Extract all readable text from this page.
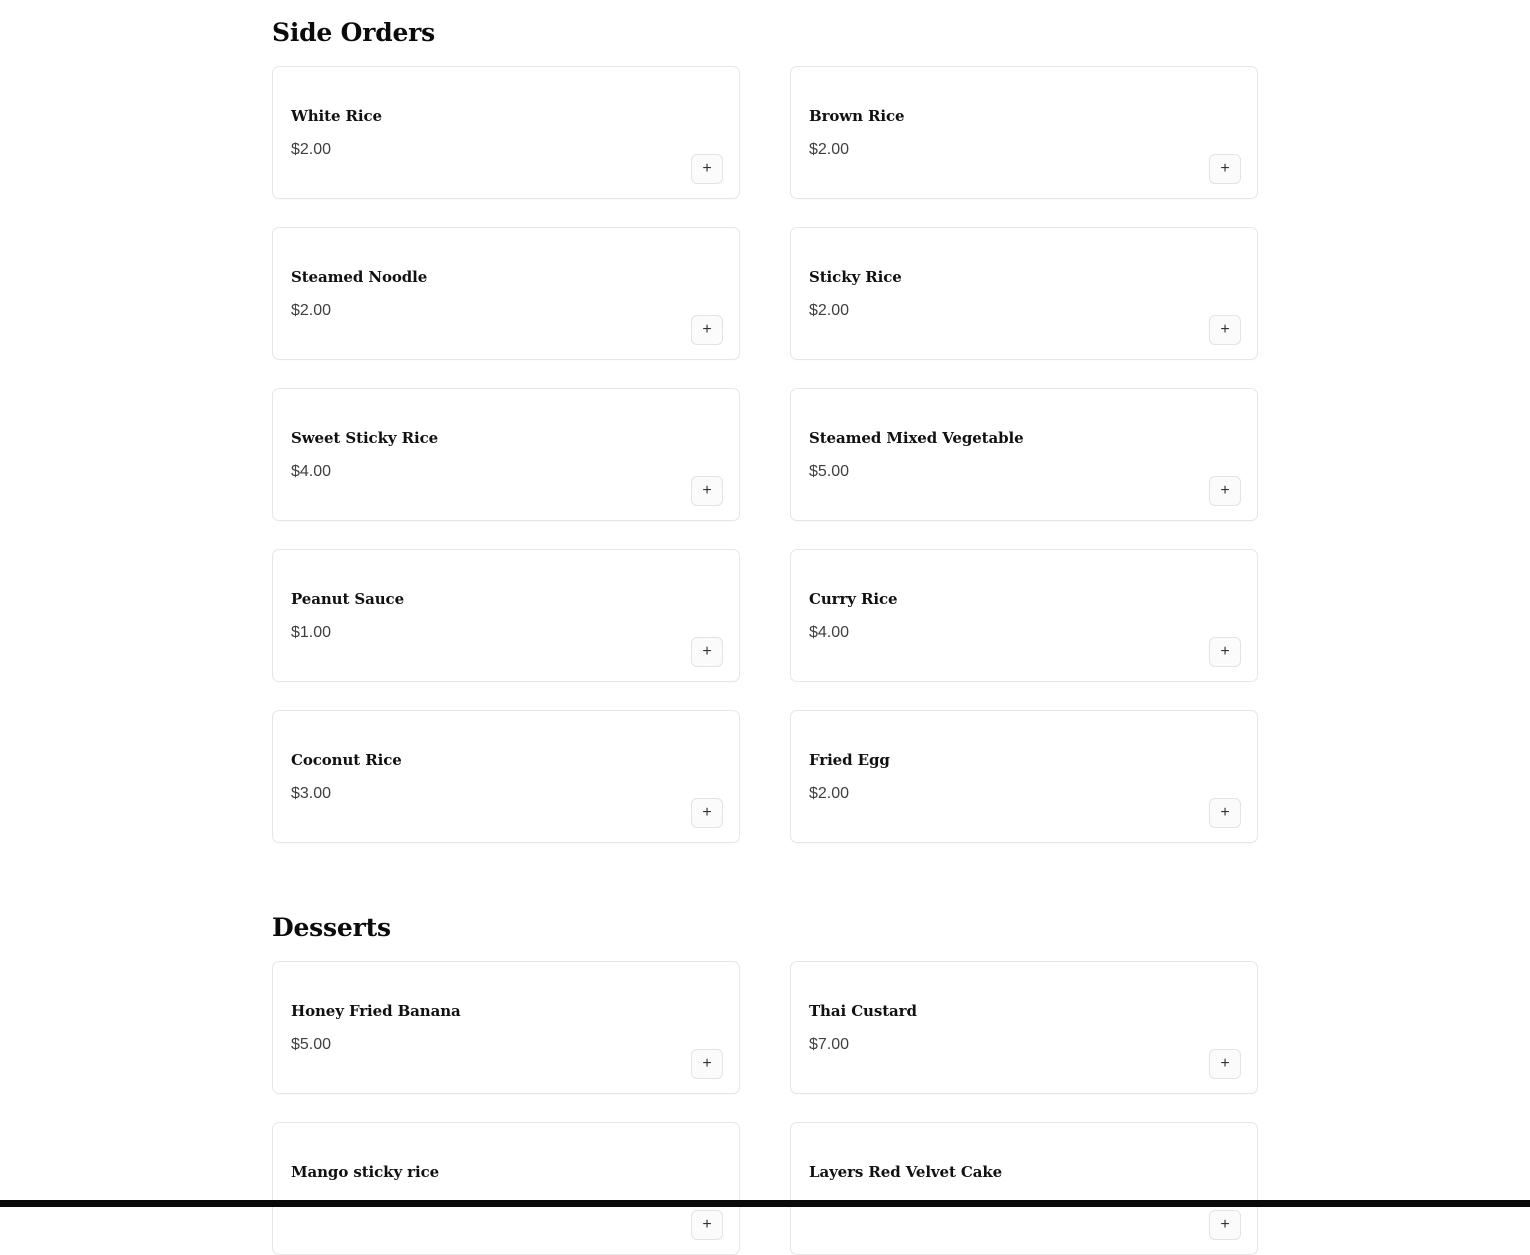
Side Orders
White Rice
$2.00
+
Brown Rice
$2.00
+
Steamed Noodle
$2.00
+
Sticky Rice
$2.00
+
Sweet Sticky Rice
$4.00
+
Steamed Mixed Vegetable
$5.00
+
Peanut Sauce
$1.00
+
Curry Rice
$4.00
+
Coconut Rice
$3.00
+
Fried Egg
$2.00
+
Desserts
Honey Fried Banana
$5.00
+
Thai Custard
$7.00
+
Mango sticky rice
+
Layers Red Velvet Cake
+
